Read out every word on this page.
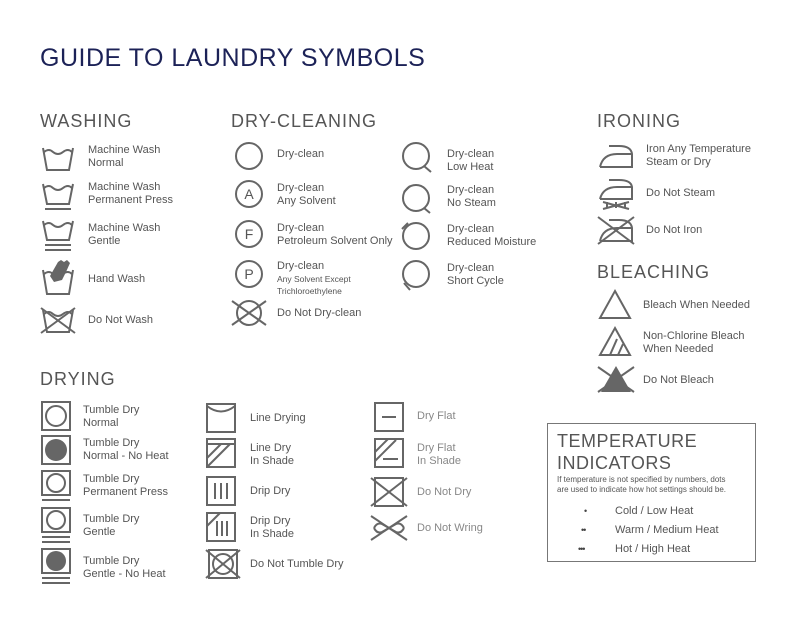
GUIDE TO LAUNDRY SYMBOLS
WASHING
Machine Wash
Normal
Machine Wash
Permanent Press
Machine Wash
Gentle
Hand Wash
Do Not Wash
DRY-CLEANING
Dry-clean
A Dry-clean
Any Solvent
F Dry-clean
Petroleum Solvent Only
P Dry-clean
Any Solvent Except
Trichloroethylene
Do Not Dry-clean
Dry-clean
Low Heat
Dry-clean
No Steam
Dry-clean
Reduced Moisture
Dry-clean
Short Cycle
IRONING
Iron Any Temperature
Steam or Dry
Do Not Steam
Do Not Iron
BLEACHING
Bleach When Needed
Non-Chlorine Bleach
When Needed
Do Not Bleach
DRYING
Tumble Dry
Normal
Tumble Dry
Normal - No Heat
Tumble Dry
Permanent Press
Tumble Dry
Gentle
Tumble Dry
Gentle - No Heat
Line Drying
Line Dry
In Shade
Drip Dry
Drip Dry
In Shade
Do Not Tumble Dry
Dry Flat
Dry Flat
In Shade
Do Not Dry
Do Not Wring
TEMPERATURE
INDICATORS
If temperature is not specified by numbers, dots
are used to indicate how hot settings should be.
•	Cold / Low Heat
••	Warm / Medium Heat
•••	Hot / High Heat
